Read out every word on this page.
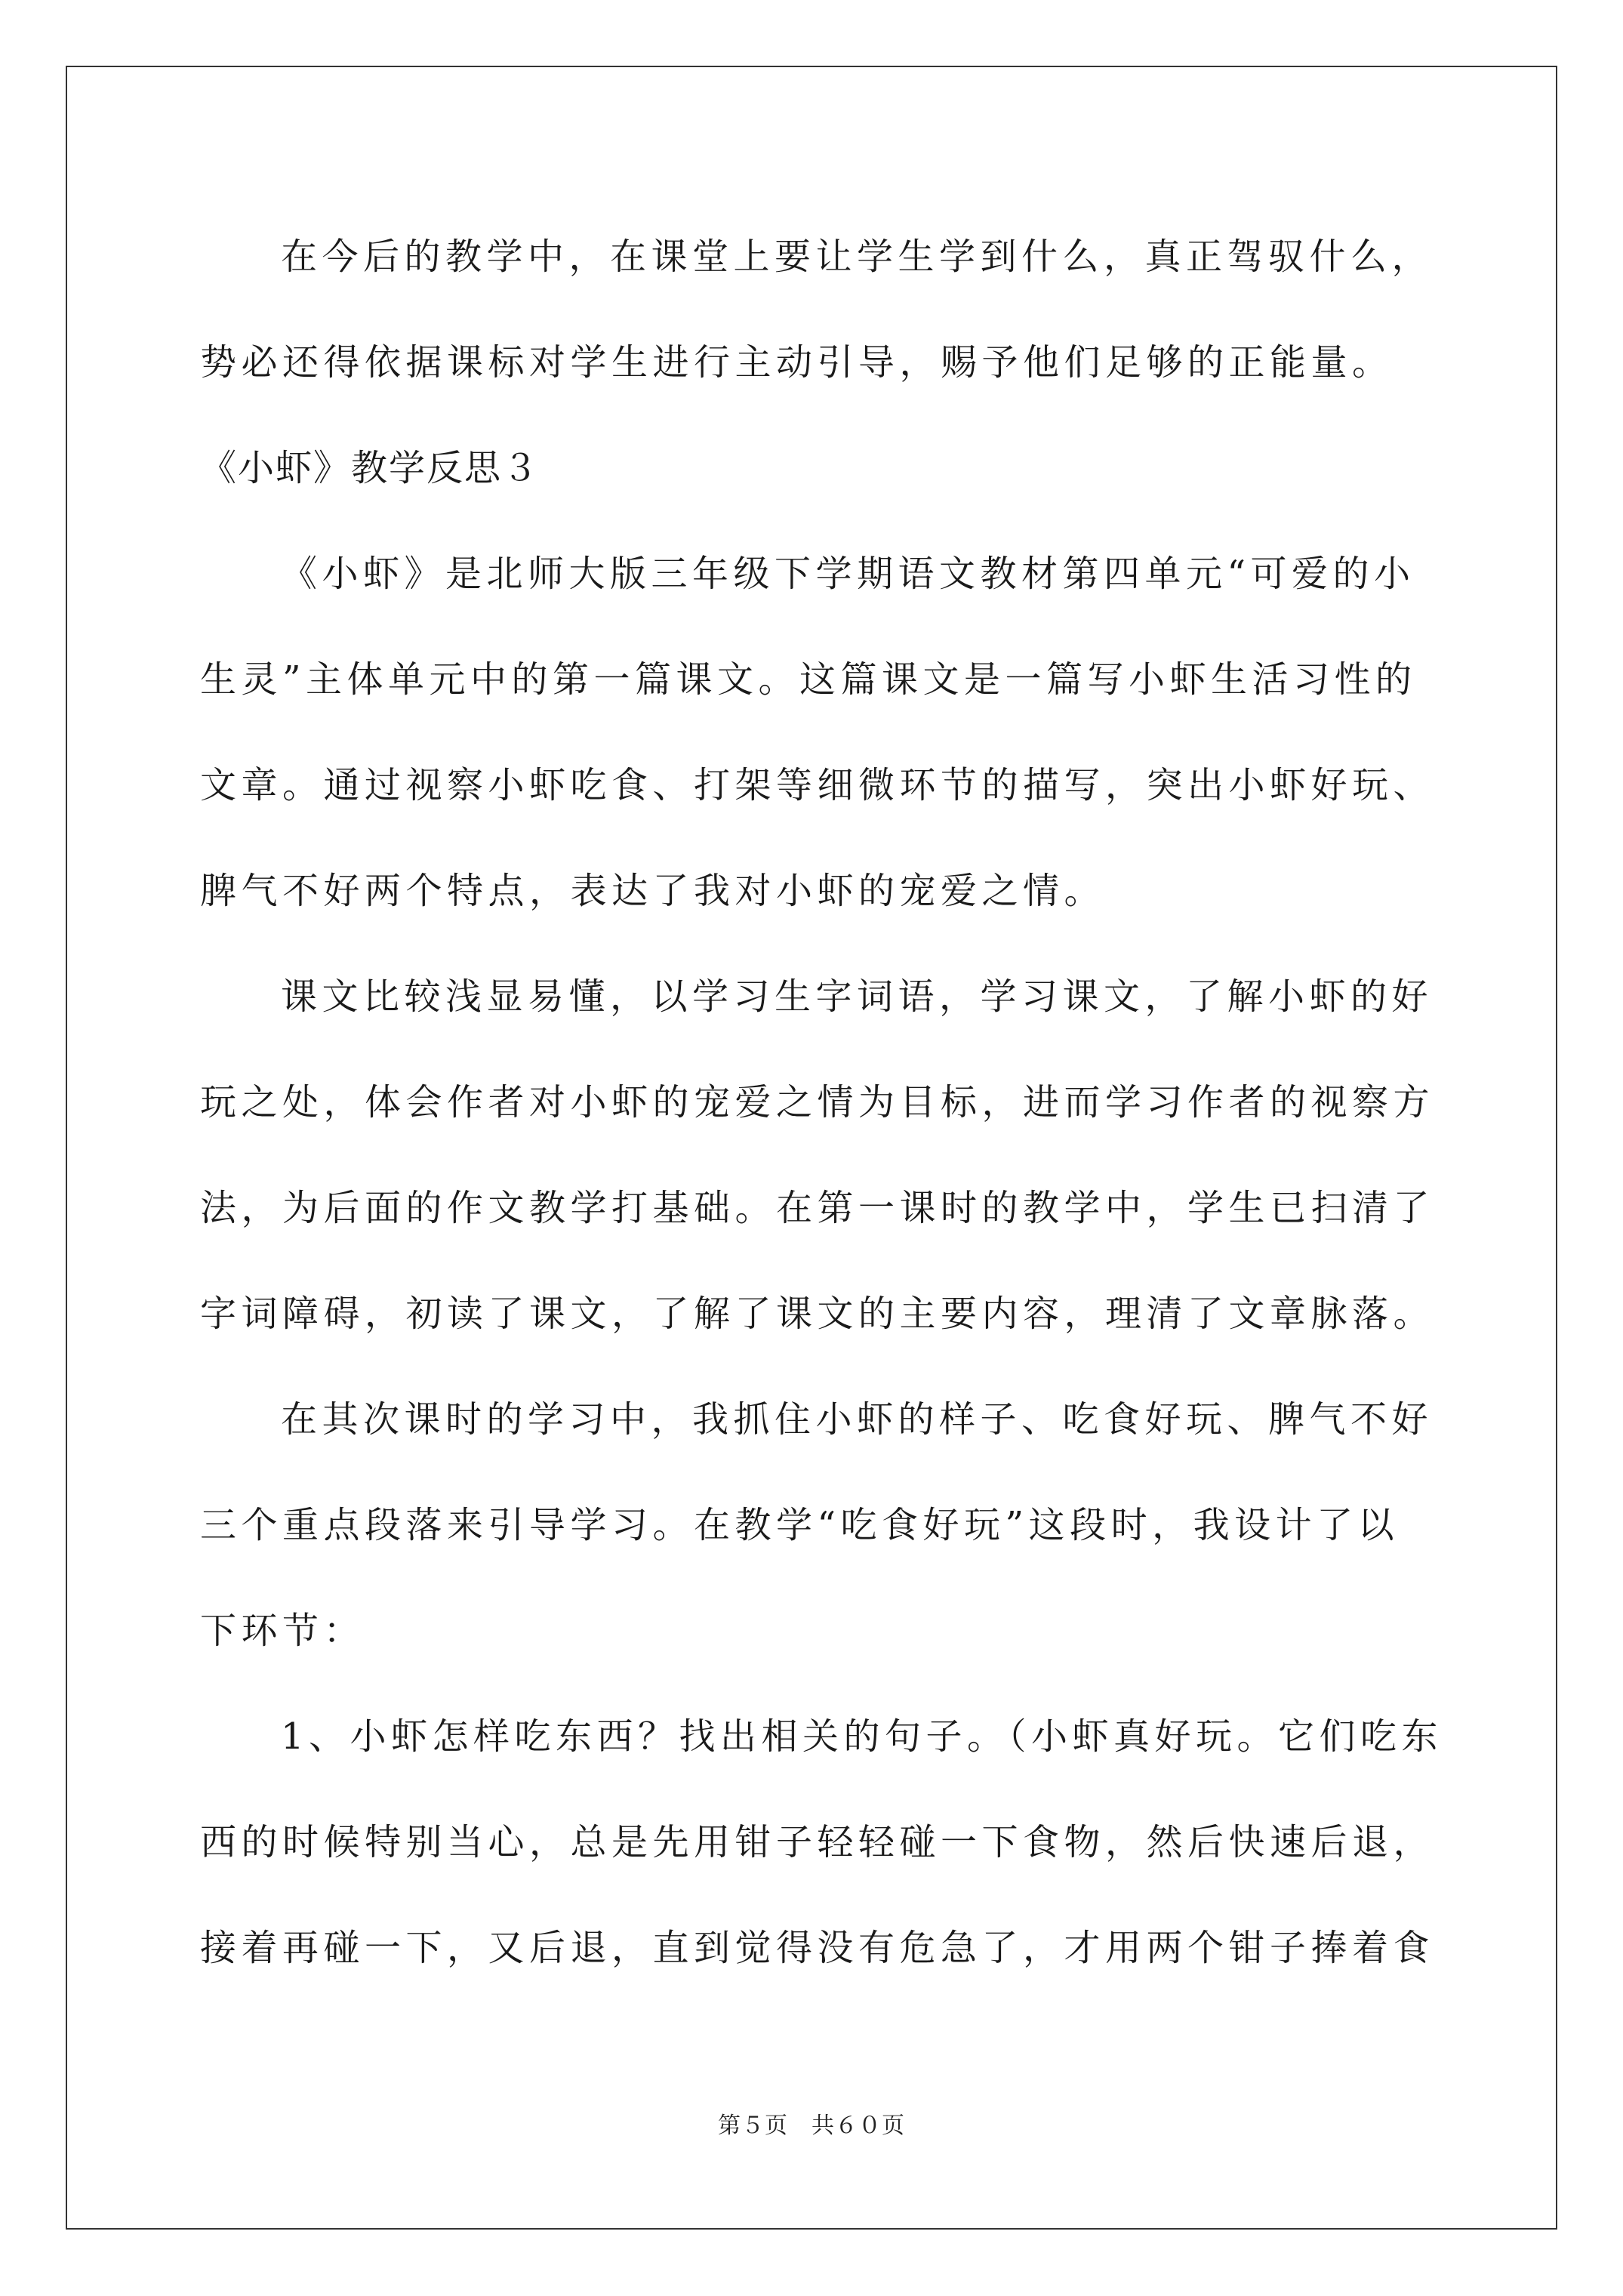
在今后的教学中，在课堂上要让学生学到什么，真正驾驭什么，
势必还得依据课标对学生进行主动引导，赐予他们足够的正能量。
《小虾》教学反思３
《小虾》是北师大版三年级下学期语文教材第四单元“可爱的小
生灵”主体单元中的第一篇课文。这篇课文是一篇写小虾生活习性的
文章。通过视察小虾吃食、打架等细微环节的描写，突出小虾好玩、
脾气不好两个特点，表达了我对小虾的宠爱之情。
课文比较浅显易懂，以学习生字词语，学习课文，了解小虾的好
玩之处，体会作者对小虾的宠爱之情为目标，进而学习作者的视察方
法，为后面的作文教学打基础。在第一课时的教学中，学生已扫清了
字词障碍，初读了课文，了解了课文的主要内容，理清了文章脉落。
在其次课时的学习中，我抓住小虾的样子、吃食好玩、脾气不好
三个重点段落来引导学习。在教学“吃食好玩”这段时，我设计了以
下环节：
1、小虾怎样吃东西？找出相关的句子。（小虾真好玩。它们吃东
西的时候特别当心，总是先用钳子轻轻碰一下食物，然后快速后退，
接着再碰一下，又后退，直到觉得没有危急了，才用两个钳子捧着食
第５页　共６０页
